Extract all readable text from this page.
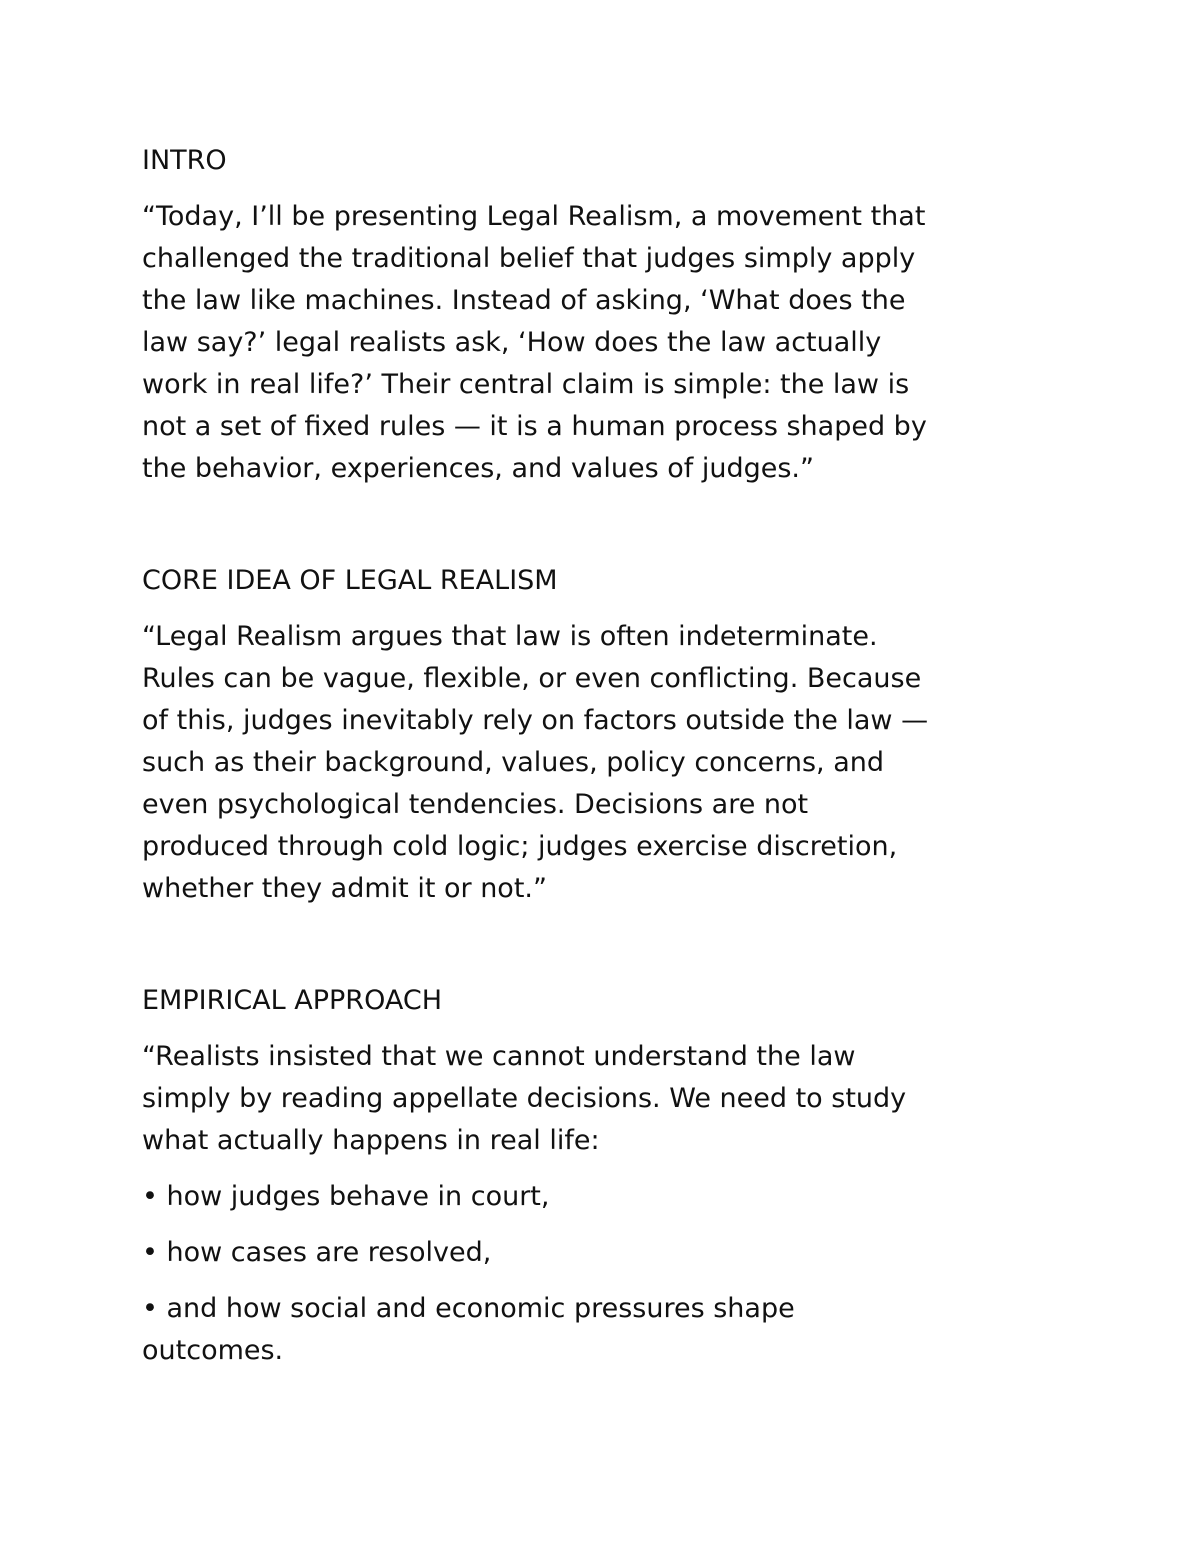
INTRO

“Today, I’ll be presenting Legal Realism, a movement that
challenged the traditional belief that judges simply apply
the law like machines. Instead of asking, ‘What does the
law say?’ legal realists ask, ‘How does the law actually
work in real life?’ Their central claim is simple: the law is
not a set of fixed rules — it is a human process shaped by
the behavior, experiences, and values of judges.”

CORE IDEA OF LEGAL REALISM

“Legal Realism argues that law is often indeterminate.
Rules can be vague, flexible, or even conflicting. Because
of this, judges inevitably rely on factors outside the law —
such as their background, values, policy concerns, and
even psychological tendencies. Decisions are not
produced through cold logic; judges exercise discretion,
whether they admit it or not.”

EMPIRICAL APPROACH

“Realists insisted that we cannot understand the law
simply by reading appellate decisions. We need to study
what actually happens in real life:

• how judges behave in court,

• how cases are resolved,

• and how social and economic pressures shape
outcomes.
